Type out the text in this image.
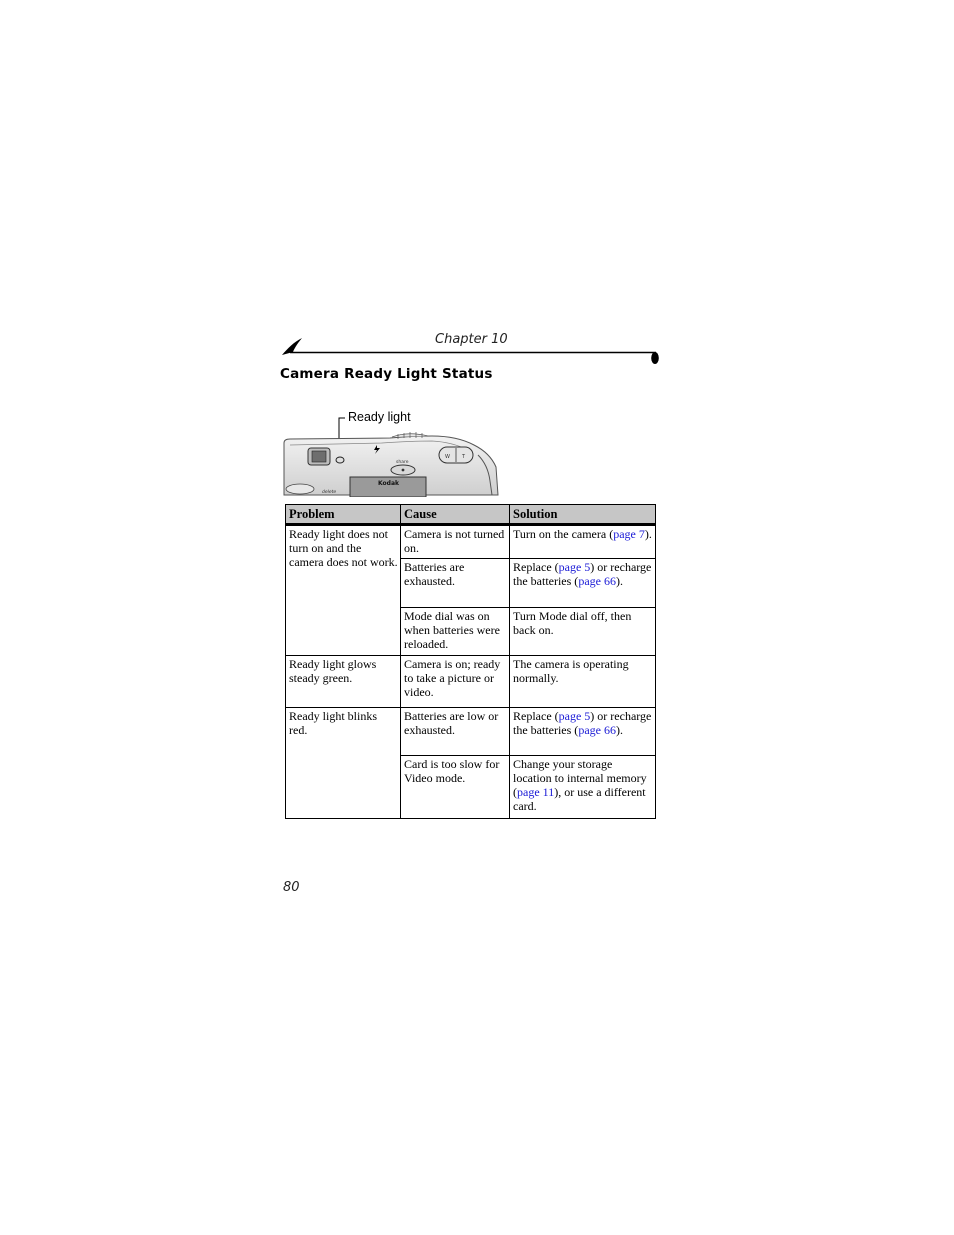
Chapter 10
Camera Ready Light Status
share
W T
Kodak
delete
Ready light
Problem	Cause	Solution
Ready light does not turn on and the camera does not work.	Camera is not turned on.	Turn on the camera (page 7).
	Batteries are exhausted.	Replace (page 5) or recharge the batteries (page 66).
	Mode dial was on when batteries were reloaded.	Turn Mode dial off, then back on.
Ready light glows steady green.	Camera is on; ready to take a picture or video.	The camera is operating normally.
Ready light blinks red.	Batteries are low or exhausted.	Replace (page 5) or recharge the batteries (page 66).
	Card is too slow for Video mode.	Change your storage location to internal memory (page 11), or use a different card.
80
